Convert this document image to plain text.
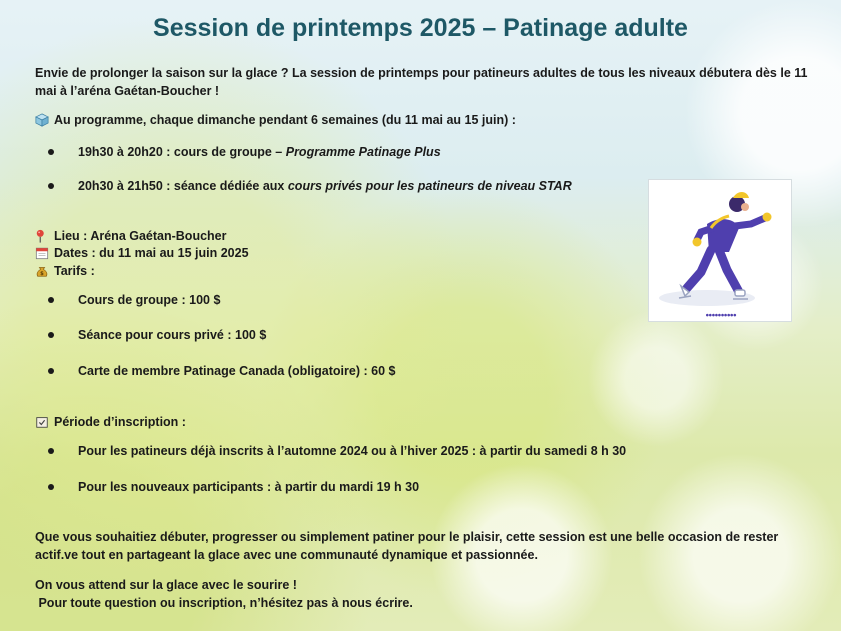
Session de printemps 2025 – Patinage adulte
Envie de prolonger la saison sur la glace ? La session de printemps pour patineurs adultes de tous les niveaux débutera dès le 11 mai à l’aréna Gaétan-Boucher !
Au programme, chaque dimanche pendant 6 semaines (du 11 mai au 15 juin) :
19h30 à 20h20 : cours de groupe – Programme Patinage Plus
20h30 à 21h50 : séance dédiée aux cours privés pour les patineurs de niveau STAR
Lieu : Aréna Gaétan-Boucher
Dates : du 11 mai au 15 juin 2025
$ Tarifs :
Cours de groupe : 100 $
Séance pour cours privé : 100 $
Carte de membre Patinage Canada (obligatoire) : 60 $
Période d’inscription :
Pour les patineurs déjà inscrits à l’automne 2024 ou à l’hiver 2025 : à partir du samedi 8 h 30
Pour les nouveaux participants : à partir du mardi 19 h 30
Que vous souhaitiez débuter, progresser ou simplement patiner pour le plaisir, cette session est une belle occasion de rester actif.ve tout en partageant la glace avec une communauté dynamique et passionnée.
On vous attend sur la glace avec le sourire !
Pour toute question ou inscription, n’hésitez pas à nous écrire.
●●●●●●●●●●
